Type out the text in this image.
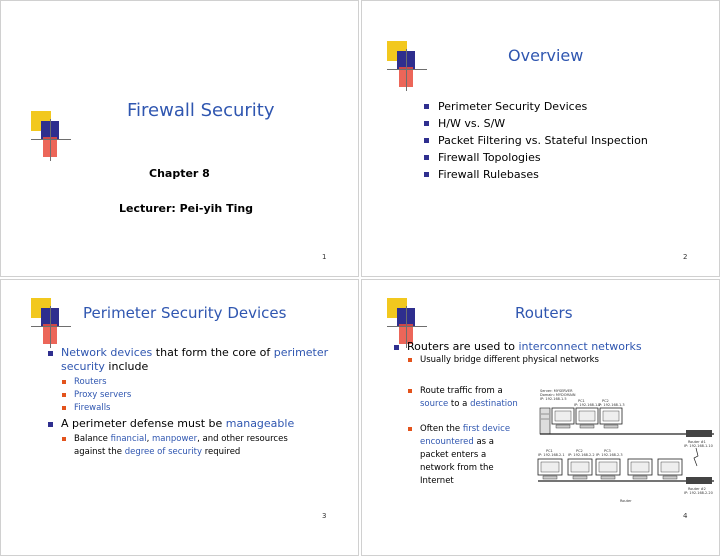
Firewall Security
Chapter 8
Lecturer: Pei-yih Ting
1
Overview
Perimeter Security Devices
H/W vs. S/W
Packet Filtering vs. Stateful Inspection
Firewall Topologies
Firewall Rulebases
2
Perimeter Security Devices
Network devices that form the core of perimeter
security include
Routers
Proxy servers
Firewalls
A perimeter defense must be manageable
Balance financial, manpower, and other resources
against the degree of security required
3
Routers
Routers are used to interconnect networks
Usually bridge different physical networks
Route traffic from a
source to a destination
Often the first device
encountered as a
packet enters a
network from the
Internet
Server: MYSERVER
Domain: MYDOMAIN
IP: 192.168.1.5	PC1
IP: 192.168.1.2
PC2
IP: 192.168.1.3
Router #1
IP: 192.168.1.10
PC1
IP: 192.168.2.1
PC2
IP: 192.168.2.2
PC3
IP: 192.168.2.3
Router #2
IP: 192.168.2.20
Router
4
